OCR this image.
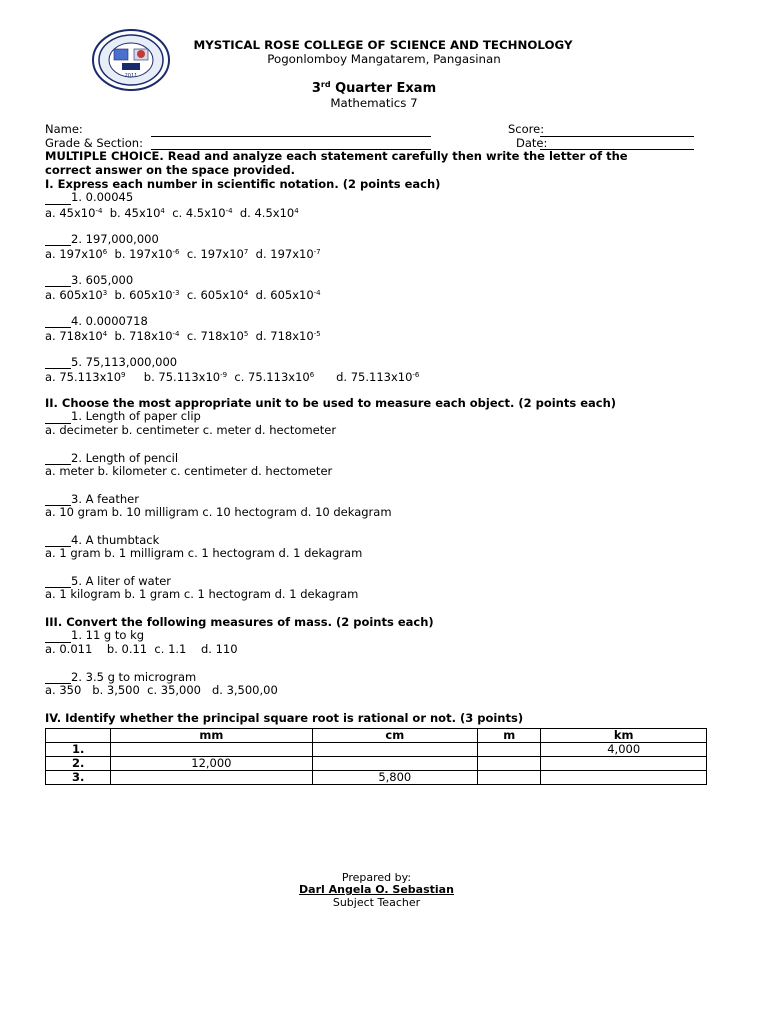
2011
MYSTICAL ROSE COLLEGE OF SCIENCE AND TECHNOLOGY
Pogonlomboy Mangatarem, Pangasinan
3rd Quarter Exam
Mathematics 7
Name:	Score:
Grade & Section:	Date:
MULTIPLE CHOICE. Read and analyze each statement carefully then write the letter of the
correct answer on the space provided.
I. Express each number in scientific notation. (2 points each)
1. 0.00045
a. $45x10^{-4}$  b. $45x10^4$  c. $4.5x10^{-4}$  d. $4.5x10^4$
2. 197,000,000
a. $197x10^6$  b. $197x10^{-6}$  c. $197x10^7$  d. $197x10^{-7}$
3. 605,000
a. $605x10^3$  b. $605x10^{-3}$  c. $605x10^4$  d. $605x10^{-4}$
4. 0.0000718
a. $718x10^4$  b. $718x10^{-4}$  c. $718x10^5$  d. $718x10^{-5}$
5. 75,113,000,000
a. $75.113x10^9$     b. $75.113x10^{-9}$  c. $75.113x10^6$      d. $75.113x10^{-6}$
II. Choose the most appropriate unit to be used to measure each object. (2 points each)
1. Length of paper clip
a. decimeter b. centimeter c. meter d. hectometer
2. Length of pencil
a. meter b. kilometer c. centimeter d. hectometer
3. A feather
a. 10 gram b. 10 milligram c. 10 hectogram d. 10 dekagram
4. A thumbtack
a. 1 gram b. 1 milligram c. 1 hectogram d. 1 dekagram
5. A liter of water
a. 1 kilogram b. 1 gram c. 1 hectogram d. 1 dekagram
III. Convert the following measures of mass. (2 points each)
1. 11 g to kg
a. 0.011    b. 0.11  c. 1.1    d. 110
2. 3.5 g to microgram
a. 350   b. 3,500  c. 35,000   d. 3,500,00
IV. Identify whether the principal square root is rational or not. (3 points)
	mm	cm	m	km
1.				4,000
2.	12,000			
3.		5,800		
Prepared by:
Darl Angela O. Sebastian
Subject Teacher
